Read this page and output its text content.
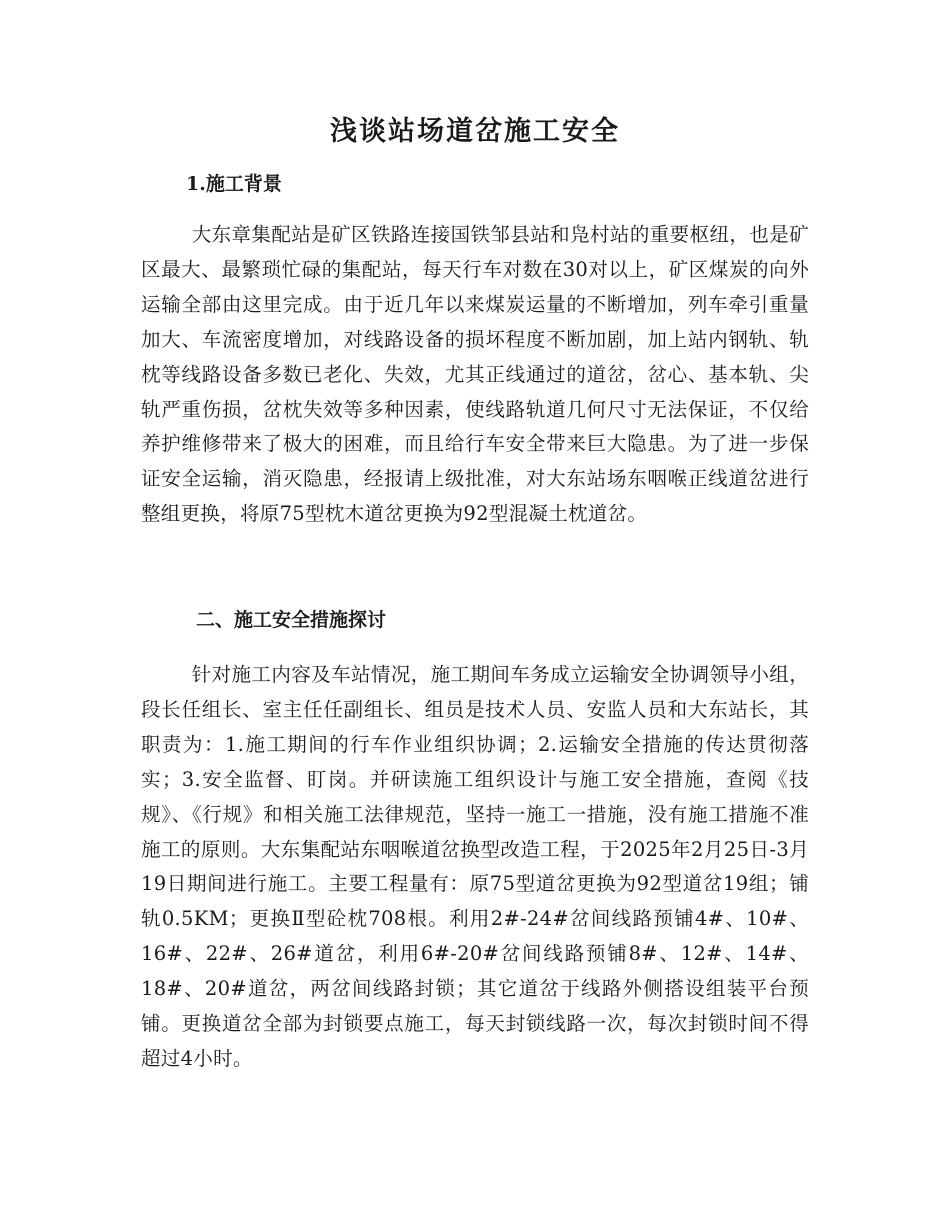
浅谈站场道岔施工安全
1.施工背景

大东章集配站是矿区铁路连接国铁邹县站和凫村站的重要枢纽，也是矿区最大、最繁琐忙碌的集配站，每天行车对数在30对以上，矿区煤炭的向外运输全部由这里完成。由于近几年以来煤炭运量的不断增加，列车牵引重量加大、车流密度增加，对线路设备的损坏程度不断加剧，加上站内钢轨、轨枕等线路设备多数已老化、失效，尤其正线通过的道岔，岔心、基本轨、尖轨严重伤损，岔枕失效等多种因素，使线路轨道几何尺寸无法保证，不仅给养护维修带来了极大的困难，而且给行车安全带来巨大隐患。为了进一步保证安全运输，消灭隐患，经报请上级批准，对大东站场东咽喉正线道岔进行整组更换，将原75型枕木道岔更换为92型混凝土枕道岔。

二、施工安全措施探讨

针对施工内容及车站情况，施工期间车务成立运输安全协调领导小组，段长任组长、室主任任副组长、组员是技术人员、安监人员和大东站长，其职责为：1.施工期间的行车作业组织协调；2.运输安全措施的传达贯彻落实；3.安全监督、盯岗。并研读施工组织设计与施工安全措施，查阅《技规》、《行规》和相关施工法律规范，坚持一施工一措施，没有施工措施不准施工的原则。大东集配站东咽喉道岔换型改造工程，于2025年2月25日-3月19日期间进行施工。主要工程量有：原75型道岔更换为92型道岔19组；铺轨0.5KM；更换Ⅱ型砼枕708根。利用2#-24#岔间线路预铺4#、10#、16#、22#、26#道岔，利用6#-20#岔间线路预铺8#、12#、14#、18#、20#道岔，两岔间线路封锁；其它道岔于线路外侧搭设组装平台预铺。更换道岔全部为封锁要点施工，每天封锁线路一次，每次封锁时间不得超过4小时。
